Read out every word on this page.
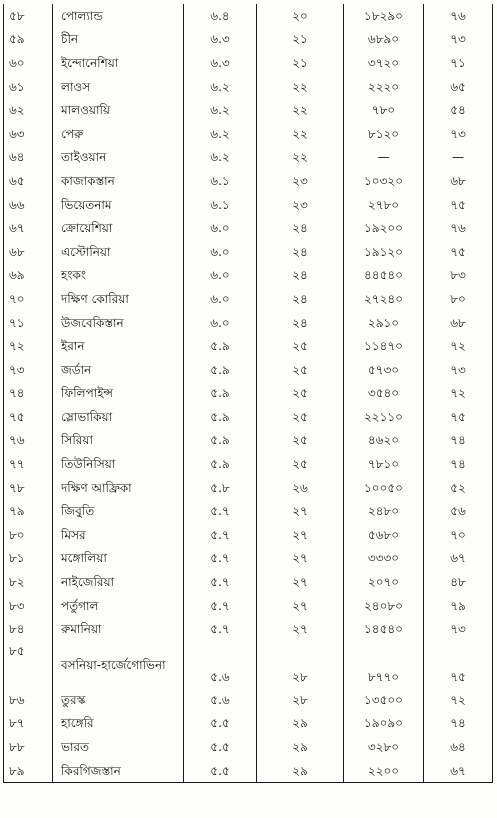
৫৮	পোল্যান্ড	৬.৪	২০	১৮২৯০	৭৬
৫৯	চীন	৬.৩	২১	৬৮৯০	৭৩
৬০	ইন্দোনেশিয়া	৬.৩	২১	৩৭২০	৭১
৬১	লাওস	৬.২	২২	২২২০	৬৫
৬২	মালওয়ায়ি	৬.২	২২	৭৮০	৫৪
৬৩	পেরু	৬.২	২২	৮১২০	৭৩
৬৪	তাইওয়ান	৬.২	২২	—	—
৬৫	কাজাকস্তান	৬.১	২৩	১০৩২০	৬৮
৬৬	ভিয়েতনাম	৬.১	২৩	২৭৮০	৭৫
৬৭	ক্রোয়েশিয়া	৬.০	২৪	১৯২০০	৭৬
৬৮	এস্টোনিয়া	৬.০	২৪	১৯১২০	৭৫
৬৯	হংকং	৬.০	২৪	৪৪৫৪০	৮৩
৭০	দক্ষিণ কোরিয়া	৬.০	২৪	২৭২৪০	৮০
৭১	উজবেকিস্তান	৬.০	২৪	২৯১০	৬৮
৭২	ইরান	৫.৯	২৫	১১৪৭০	৭২
৭৩	জর্ডান	৫.৯	২৫	৫৭৩০	৭৩
৭৪	ফিলিপাইন্স	৫.৯	২৫	৩৫৪০	৭২
৭৫	স্লোভাকিয়া	৫.৯	২৫	২২১১০	৭৫
৭৬	সিরিয়া	৫.৯	২৫	৪৬২০	৭৪
৭৭	তিউনিসিয়া	৫.৯	২৫	৭৮১০	৭৪
৭৮	দক্ষিণ আফ্রিকা	৫.৮	২৬	১০০৫০	৫২
৭৯	জিবুতি	৫.৭	২৭	২৪৮০	৫৬
৮০	মিসর	৫.৭	২৭	৫৬৮০	৭০
৮১	মঙ্গোলিয়া	৫.৭	২৭	৩৩৩০	৬৭
৮২	নাইজেরিয়া	৫.৭	২৭	২০৭০	৪৮
৮৩	পর্তুগাল	৫.৭	২৭	২৪০৮০	৭৯
৮৪	রুমানিয়া	৫.৭	২৭	১৪৫৪০	৭৩
৮৫	বসনিয়া-হার্জেগোভিনা	৫.৬	২৮	৮৭৭০	৭৫
৮৬	তুরস্ক	৫.৬	২৮	১৩৫০০	৭২
৮৭	হাঙ্গেরি	৫.৫	২৯	১৯০৯০	৭৪
৮৮	ভারত	৫.৫	২৯	৩২৮০	৬৪
৮৯	কিরগিজস্তান	৫.৫	২৯	২২০০	৬৭
